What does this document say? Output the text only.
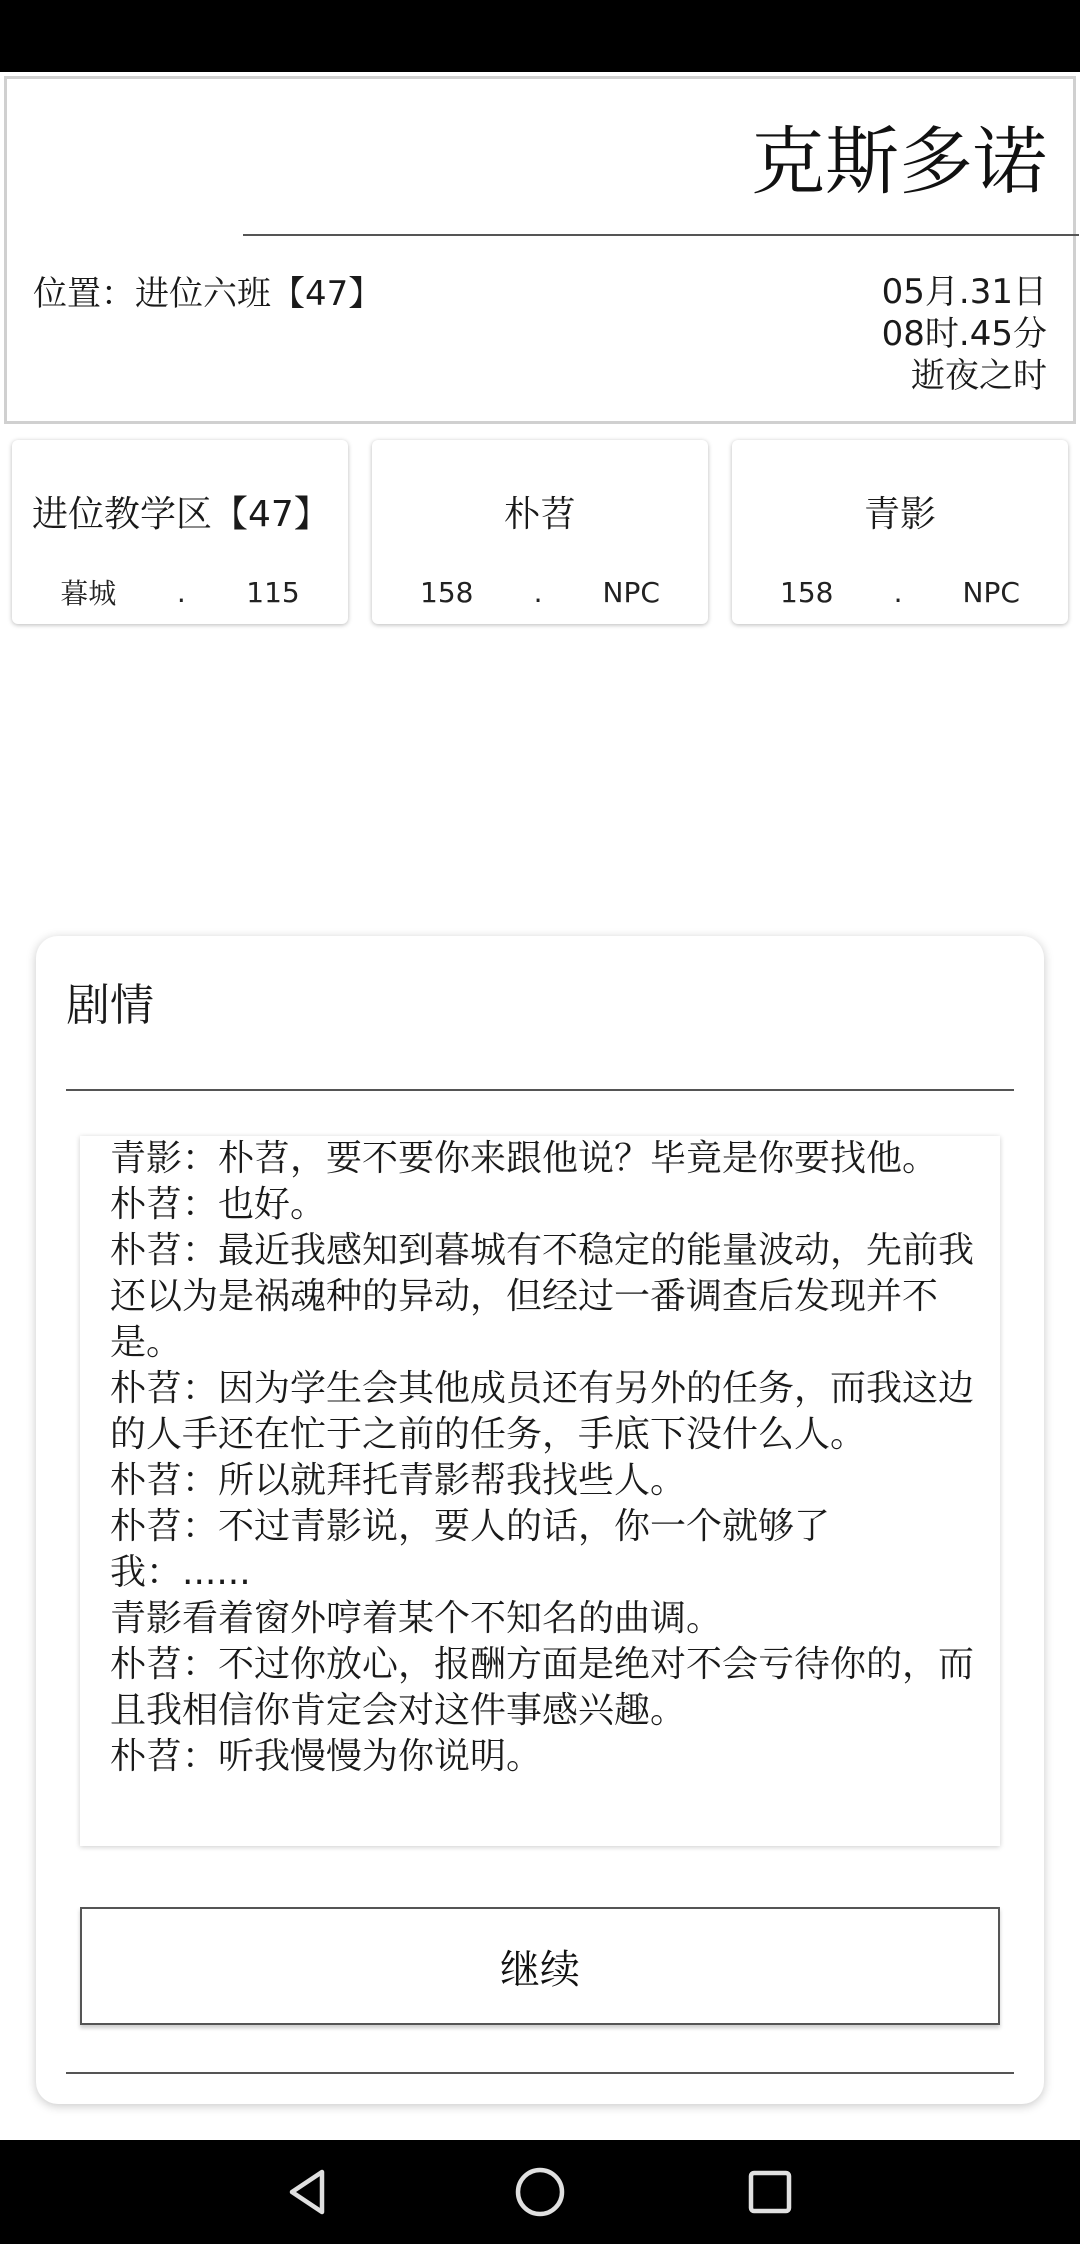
克斯多诺
位置：进位六班【47】	05月.31日
08时.45分
逝夜之时
进位教学区【47】
暮城 . 115
朴苕
158 . NPC
青影
158 . NPC
剧情

青影：朴苕，要不要你来跟他说？毕竟是你要找他。

朴苕：也好。

朴苕：最近我感知到暮城有不稳定的能量波动，先前我还以为是祸魂种的异动，但经过一番调查后发现并不是。

朴苕：因为学生会其他成员还有另外的任务，而我这边的人手还在忙于之前的任务，手底下没什么人。

朴苕：所以就拜托青影帮我找些人。

朴苕：不过青影说，要人的话，你一个就够了

我：......

青影看着窗外哼着某个不知名的曲调。

朴苕：不过你放心，报酬方面是绝对不会亏待你的，而且我相信你肯定会对这件事感兴趣。

朴苕：听我慢慢为你说明。

继续
